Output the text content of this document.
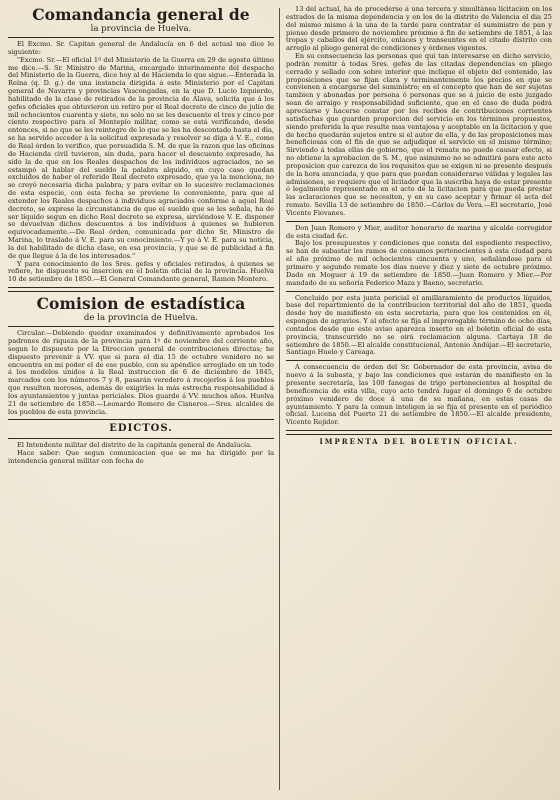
Comandancia general de
la provincia de Huelva.

El Excmo. Sr. Capitan general de Andalucía en 6 del actual me dice lo siguiente:

"Excmo. Sr.—El oficial 1º del Ministerio de la Guerra en 29 de agosto último me dice.—S. Sr. Ministro de Marina, encargado interinamente del despacho del Ministerio de la Guerra, dice hoy al de Hacienda lo que sigue.—Enterada la Reina (q. D. g.) de una instancia dirigida á este Ministerio por el Capitan general de Navarra y provincias Vascongadas, en la que D. Lucio Izquierdo, habilitado de la clase de retirados de la provincia de Alava, solicita que á los gefes oficiales que obtuvieron un retiro por el Real decreto de cinco de julio de mil ochocientos cuarenta y siete, no solo no se les descuente el tres y cinco por ciento respectivo para el Montepío militar, como se está verificando, desde entonces, si no que se les reintegre de lo que se les ha descontado hasta el dia, se ha servido acceder á la solicitud expresada y resolver se diga á V. E., como de Real órden lo verifico, que persuadida S. M. de que la razon que las oficinas de Hacienda civil tuvieron, sin duda, para hacer el descuento expresado, ha sido la de que en los Reales despachos de los individuos agraciados, no se estampó al hablar del sueldo la palabra alquido, en cuyo caso quedan excluidos de haber el referido Real decreto expresado, que ya la menciona, no se creyó necesaria dicha palabra; y para evitar en lo sucesivo reclamaciones de esta especie, con esta fecha se previene lo conveniente, para que al extender los Reales despachos á individuos agraciados conforme á aquel Real decreto, se exprese la circunstancia de que el sueldo que se les señala, ha de ser líquido segun en dicho Real decreto se expresa, sirviéndose V. E. disponer se devuelvan dichos descuentos á los individuos á quienes se hubieren equivocadamente.—De Real órden, comunicada por dicho Sr. Ministro de Marina, lo traslado á V. E. para su conocimiento.—Y yo á V. E. para su noticia, la del habilitado de dicha clase, en esa provincia, y que se dé publicidad á fin de que llegue á la de los interesados."

Y para conocimiento de los Sres. gefes y oficiales retirados, á quienes se refiere, he dispuesto su insercion en el boletin oficial de la provincia. Huelva 10 de setiembre de 1850.—El General Comandante general, Ramon Montero.

Comision de estadística
de la provincia de Huelva.

Circular.—Debiendo quedar examinados y definitivamente aprobados los padrones de riqueza de la provincia para 1º de noviembre del corriente año, segun lo dispuesto por la Direccion general de contribuciones directas; he dispuesto prevenir á VV. que si para el dia 15 de octubre venidero no se encuentra en mi poder el de ese pueblo, con su apéndice arreglado en un todo á los modelos unidos á la Real instruccion de 6 de diciembre de 1845, marcados con los números 7 y 8, pasarán veredero á recojerlos á los pueblos que resulten morosos, además de exigirles la más estrecha responsabilidad á los ayuntamientos y juntas periciales. Dios guarde á VV. muchos años. Huelva 21 de setiembre de 1850.—Leonardo Romero de Cisneros.—Sres. alcaldes de los pueblos de esta provincia.

EDICTOS.

El Intendente militar del distrito de la capitanía general de Andalucía.

Hace saber: Que segun comunicacion que se me ha dirigido por la intendencia general militar con fecha de

13 del actual, ha de procederse á una tercera y simultánea licitacion en los estrados de la misma dependencia y en los de la distrito de Valencia el dia 25 del mismo mismo á la una de la tarde para contratar el suministro de pan y pienso desde primero de noviembre próximo á fin de setiembre de 1851, á las tropas y caballos del ejército, enlaces y transeuntes en el citado distrito con arreglo al pliego general de condiciones y órdenes vigentes.

En su consecuencia las personas que qui tan interesarse en dicho servicio, podrán remitir á todas Sres. gefes de las citadas dependencias en pliego cerrado y sellado con sobre interior que inclique el objeto del contenido, las proposiciones que se fijan clara y terminantemente los precios en que se convienen á encargarse del suministro; en el concepto que han de ser sujetas tambien y abonadas por persona ó personas que se á juicio de este juzgado sean de arraigo y responsabilidad suficiente, que en el caso de duda podrá apreciarse y hacerse constar por los recibos de contribuciones corrientes satisfechas que guarden proporcion del servicio en los términos propuestos, siendo preferida la que resulte mas ventajosa y aceptable en la licitacion y que de hecho quedarán sujetos entre si el autor de ella, y de las proposiciones mas beneficiosas con el fin de que se adjudique el servicio en el mismo término; Sirviendo á todas ellas de gobierno, que el remate no puede causar efecto, si no obtiene la aprobacion de S. M., que asimismo no se admitirá para este acto proposicion que carezca de los requisitos que se exigen ni se presente después de la hora anunciada, y que para que puedan considerarse válidas y legales las admisiones, se requiere que el licitador que la suscriba haya de estar presente ó legalmente representado en el acto de la licitacion para que pueda prestar las aclaraciones que se necesiten, y en su caso aceptar y firmar el acta del remate. Sevilla 13 de setiembre de 1850.—Cárlos de Vera.—El secretario, José Vicente Fiovanes.

Don Juan Romero y Mier, auditor honorario de marina y alcalde corregidor de esta ciudad &c.

Bajo los presupuestos y condiciones que consta del espediente respectivo, se han de subastar los ramos de consumos pertenecientes á esta ciudad para el año próximo de mil ochocientos cincuenta y uno, señalándose para el primero y segundo remate los dias nueve y diez y siete de octubre próximo. Dado en Moguer á 19 de setiembre de 1850.—Juan Romero y Mier.—Por mandado de su señoría Federico Maza y Baeno, secretario.

Concluido por esta junta pericial el amillaramiento de productos líquidos, base del repartimiento de la contribucion territorial del año de 1851, queda desde hoy de manifiesto en esta secretaría, para que los contenidos en él, espongan de agravios. Y al efecto se fija el improrogable término de ocho dias, contados desde que este aviso aparezca inserto en el boletin oficial de esta provincia, transcurrido no se oirá reclamacion alguna. Cartaya 18 de setiembre de 1850.—El alcalde constitucional, Antonio Andújar.—El secretario, Santiago Huelo y Careaga.

A consecuencia de órden del Sr. Gobernador de esta provincia, avisa de nuevo á la subasta, y bajo las condiciones que estarán de manifiesto en la presente secretaría, las 100 fanegas de trigo pertenecientes al hospital de beneficencia de esta villa, cuyo acto tendrá lugar el domingo 6 de octubre próximo venidero de doce á una de su mañana, en estas casas de ayuntamiento. Y para la comun inteligen ia se fija el presente en el periódico oficial. Lucena del Puerto 21 de setiembre de 1850.—El alcalde presidente, Vicente Rejidor.

IMPRENTA DEL BOLETIN OFICIAL.
